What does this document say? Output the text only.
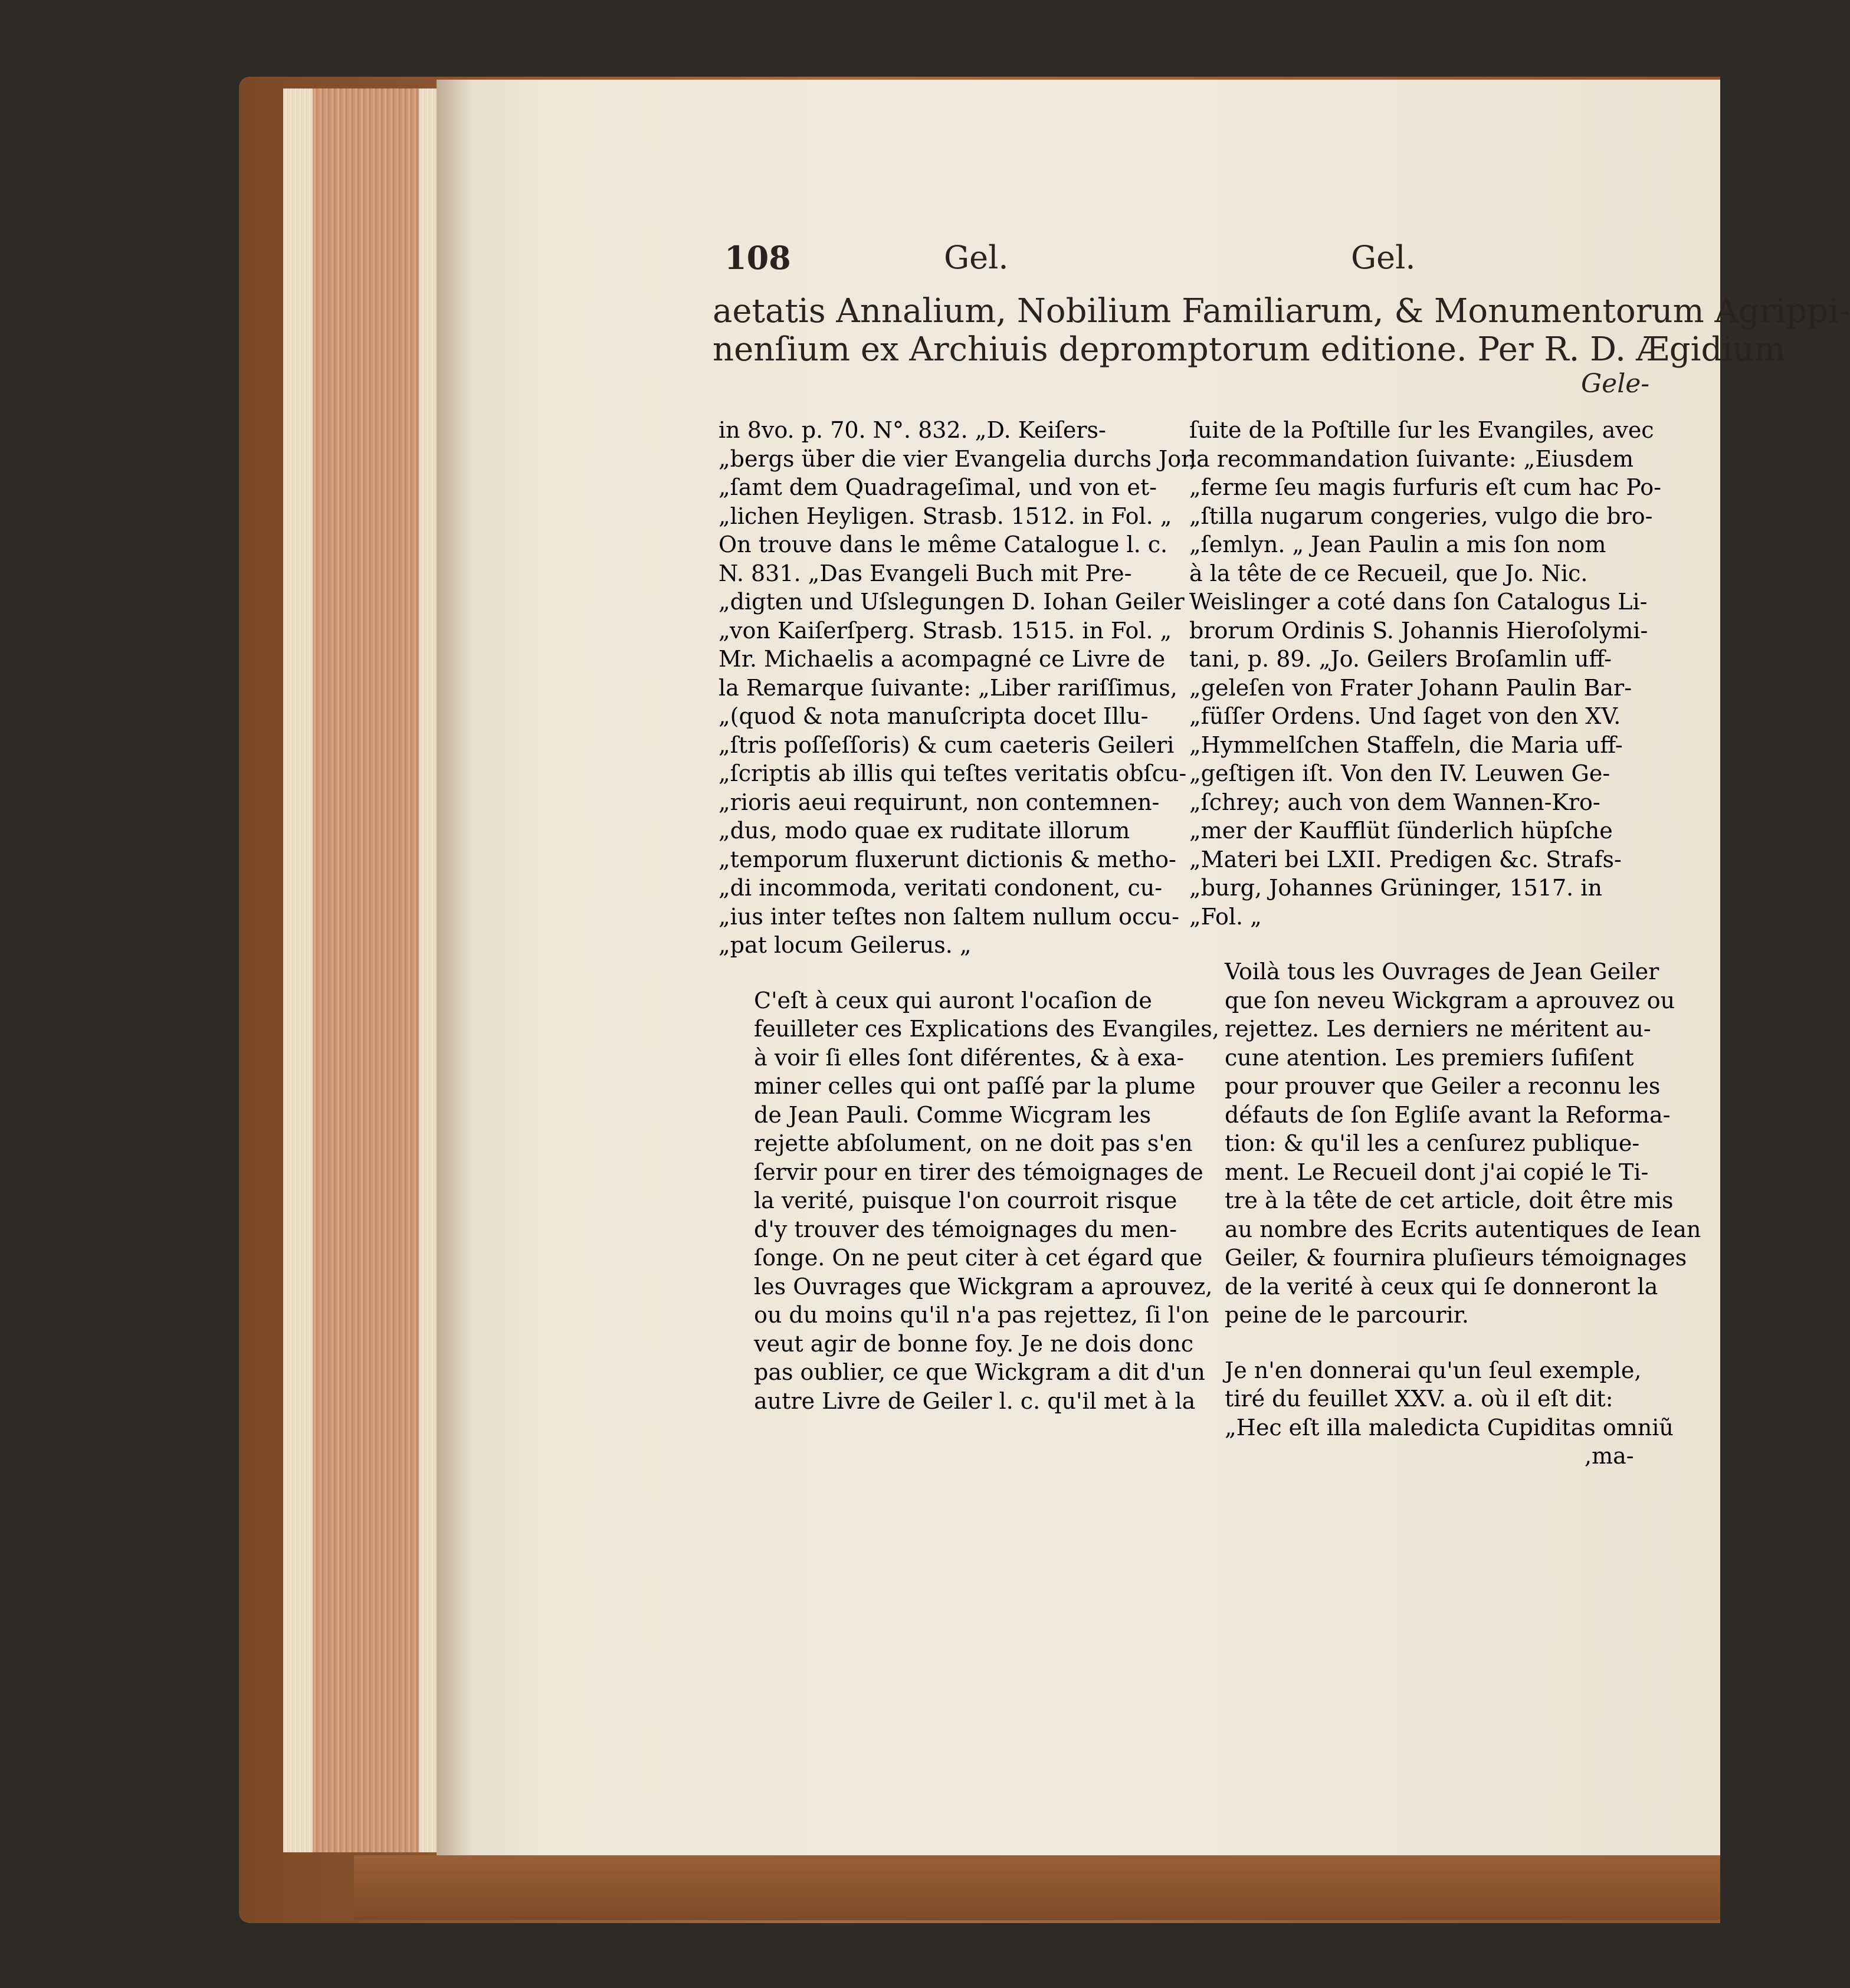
108	Gel.	Gel.
aetatis Annalium, Nobilium Familiarum, & Monumentorum Agrippi-
nenſium ex Archiuis depromptorum editione. Per R. D. Ægidium
Gele-
in 8vo. p. 70. N°. 832. „D. Keiſers-
„bergs über die vier Evangelia durchs Jor,
„ſamt dem Quadrageſimal, und von et-
„lichen Heyligen. Strasb. 1512. in Fol. „
On trouve dans le même Catalogue l. c.
N. 831. „Das Evangeli Buch mit Pre-
„digten und Uſslegungen D. Iohan Geiler
„von Kaiſerſperg. Strasb. 1515. in Fol. „
Mr. Michaelis a acompagné ce Livre de
la Remarque ſuivante: „Liber rariſſimus,
„(quod & nota manuſcripta docet Illu-
„ſtris poſſeſſoris) & cum caeteris Geileri
„ſcriptis ab illis qui teſtes veritatis obſcu-
„rioris aeui requirunt, non contemnen-
„dus, modo quae ex ruditate illorum
„temporum fluxerunt dictionis & metho-
„di incommoda, veritati condonent, cu-
„ius inter teſtes non ſaltem nullum occu-
„pat locum Geilerus. „
C'eſt à ceux qui auront l'ocaſion de
feuilleter ces Explications des Evangiles,
à voir ſi elles ſont diférentes, & à exa-
miner celles qui ont paſſé par la plume
de Jean Pauli. Comme Wicgram les
rejette abſolument, on ne doit pas s'en
ſervir pour en tirer des témoignages de
la verité, puisque l'on courroit risque
d'y trouver des témoignages du men-
ſonge. On ne peut citer à cet égard que
les Ouvrages que Wickgram a aprouvez,
ou du moins qu'il n'a pas rejettez, ſi l'on
veut agir de bonne foy. Je ne dois donc
pas oublier, ce que Wickgram a dit d'un
autre Livre de Geiler l. c. qu'il met à la
ſuite de la Poſtille ſur les Evangiles, avec
la recommandation ſuivante: „Eiusdem
„ferme ſeu magis furfuris eſt cum hac Po-
„ſtilla nugarum congeries, vulgo die bro-
„ſemlyn. „ Jean Paulin a mis ſon nom
à la tête de ce Recueil, que Jo. Nic.
Weislinger a coté dans ſon Catalogus Li-
brorum Ordinis S. Johannis Hieroſolymi-
tani, p. 89. „Jo. Geilers Broſamlin uff-
„geleſen von Frater Johann Paulin Bar-
„füſſer Ordens. Und ſaget von den XV.
„Hymmelſchen Staffeln, die Maria uff-
„geſtigen iſt. Von den IV. Leuwen Ge-
„ſchrey; auch von dem Wannen-Kro-
„mer der Kaufflüt ſünderlich hüpſche
„Materi bei LXII. Predigen &c. Strafs-
„burg, Johannes Grüninger, 1517. in
„Fol. „
Voilà tous les Ouvrages de Jean Geiler
que ſon neveu Wickgram a aprouvez ou
rejettez. Les derniers ne méritent au-
cune atention. Les premiers ſufiſent
pour prouver que Geiler a reconnu les
défauts de ſon Egliſe avant la Reforma-
tion: & qu'il les a cenſurez publique-
ment. Le Recueil dont j'ai copié le Ti-
tre à la tête de cet article, doit être mis
au nombre des Ecrits autentiques de Iean
Geiler, & fournira pluſieurs témoignages
de la verité à ceux qui ſe donneront la
peine de le parcourir.
Je n'en donnerai qu'un ſeul exemple,
tiré du feuillet XXV. a. où il eſt dit:
„Hec eſt illa maledicta Cupiditas omniũ
,ma-
